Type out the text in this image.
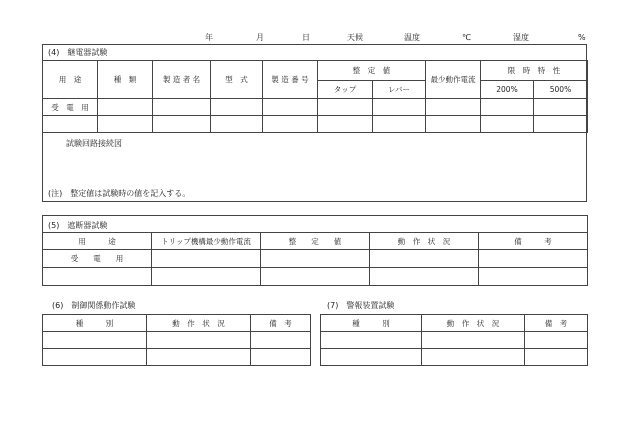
年	月	日	天候	温度	℃	湿度	%
(4)　継電器試験
用　途	種　類	製 造 者 名	型　式	製 造 番 号	整　定　値		最少動作電流	限　時　特　性	
					タップ	レバー		200%	500%
受　電　用									

試験回路接続図
(注)　整定値は試験時の値を記入する。
(5)　遮断器試験

用　　　途	トリップ機構最少動作電流	整　　定　　値	動　作　状　況	備　　　考
受　　電　　用				

(6)　制御関係動作試験
種　　　別	動　作　状　況	備　考

(7)　警報装置試験
種　　　別	動　作　状　況	備　考
